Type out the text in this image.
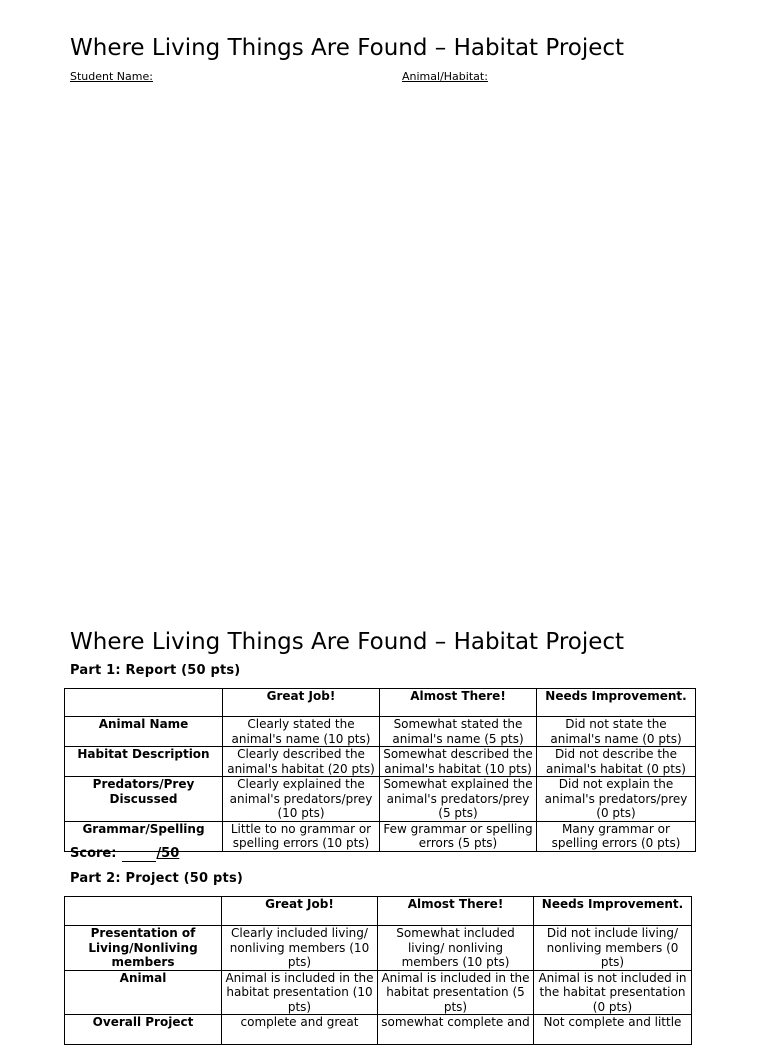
Where Living Things Are Found – Habitat Project
Student Name:	Animal/Habitat:
Where Living Things Are Found – Habitat Project
Part 1: Report (50 pts)
	Great Job!	Almost There!	Needs Improvement.
Animal Name	Clearly stated the animal's name (10 pts)	Somewhat stated the animal's name (5 pts)	Did not state the animal's name (0 pts)
Habitat Description	Clearly described the animal's habitat (20 pts)	Somewhat described the animal's habitat (10 pts)	Did not describe the animal's habitat (0 pts)
Predators/Prey Discussed	Clearly explained the animal's predators/prey (10 pts)	Somewhat explained the animal's predators/prey (5 pts)	Did not explain the animal's predators/prey (0 pts)
Grammar/Spelling	Little to no grammar or spelling errors (10 pts)	Few grammar or spelling errors (5 pts)	Many grammar or spelling errors (0 pts)
Score:	/50
Part 2: Project (50 pts)
	Great Job!	Almost There!	Needs Improvement.
Presentation of Living/Nonliving members	Clearly included living/ nonliving members (10 pts)	Somewhat included living/ nonliving members (10 pts)	Did not include living/ nonliving members (0 pts)
Animal	Animal is included in the habitat presentation (10 pts)	Animal is included in the habitat presentation (5 pts)	Animal is not included in the habitat presentation (0 pts)
Overall Project	complete and great	somewhat complete and	Not complete and little
